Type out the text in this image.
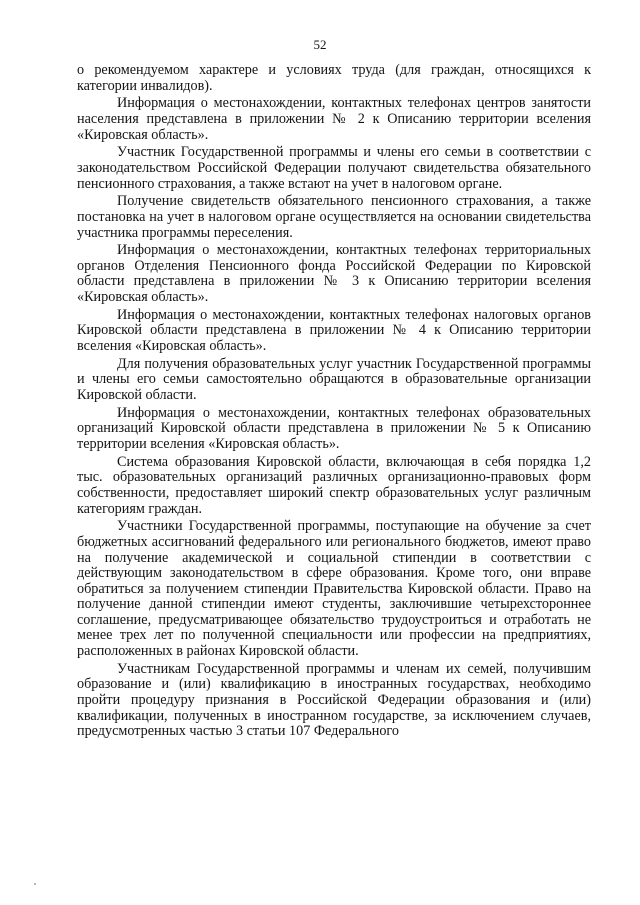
52

о рекомендуемом характере и условиях труда (для граждан, относящихся к категории инвалидов).

Информация о местонахождении, контактных телефонах центров занятости населения представлена в приложении № 2 к Описанию территории вселения «Кировская область».

Участник Государственной программы и члены его семьи в соответствии с законодательством Российской Федерации получают свидетельства обязательного пенсионного страхования, а также встают на учет в налоговом органе.

Получение свидетельств обязательного пенсионного страхования, а также постановка на учет в налоговом органе осуществляется на основании свидетельства участника программы переселения.

Информация о местонахождении, контактных телефонах территориальных органов Отделения Пенсионного фонда Российской Федерации по Кировской области представлена в приложении № 3 к Описанию территории вселения «Кировская область».

Информация о местонахождении, контактных телефонах налоговых органов Кировской области представлена в приложении № 4 к Описанию территории вселения «Кировская область».

Для получения образовательных услуг участник Государственной программы и члены его семьи самостоятельно обращаются в образовательные организации Кировской области.

Информация о местонахождении, контактных телефонах образовательных организаций Кировской области представлена в приложении № 5 к Описанию территории вселения «Кировская область».

Система образования Кировской области, включающая в себя порядка 1,2 тыс. образовательных организаций различных организационно-правовых форм собственности, предоставляет широкий спектр образовательных услуг различным категориям граждан.

Участники Государственной программы, поступающие на обучение за счет бюджетных ассигнований федерального или регионального бюджетов, имеют право на получение академической и социальной стипендии в соответствии с действующим законодательством в сфере образования. Кроме того, они вправе обратиться за получением стипендии Правительства Кировской области. Право на получение данной стипендии имеют студенты, заключившие четырехстороннее соглашение, предусматривающее обязательство трудоустроиться и отработать не менее трех лет по полученной специальности или профессии на предприятиях, расположенных в районах Кировской области.

Участникам Государственной программы и членам их семей, получившим образование и (или) квалификацию в иностранных государствах, необходимо пройти процедуру признания в Российской Федерации образования и (или) квалификации, полученных в иностранном государстве, за исключением случаев, предусмотренных частью 3 статьи 107 Федерального
